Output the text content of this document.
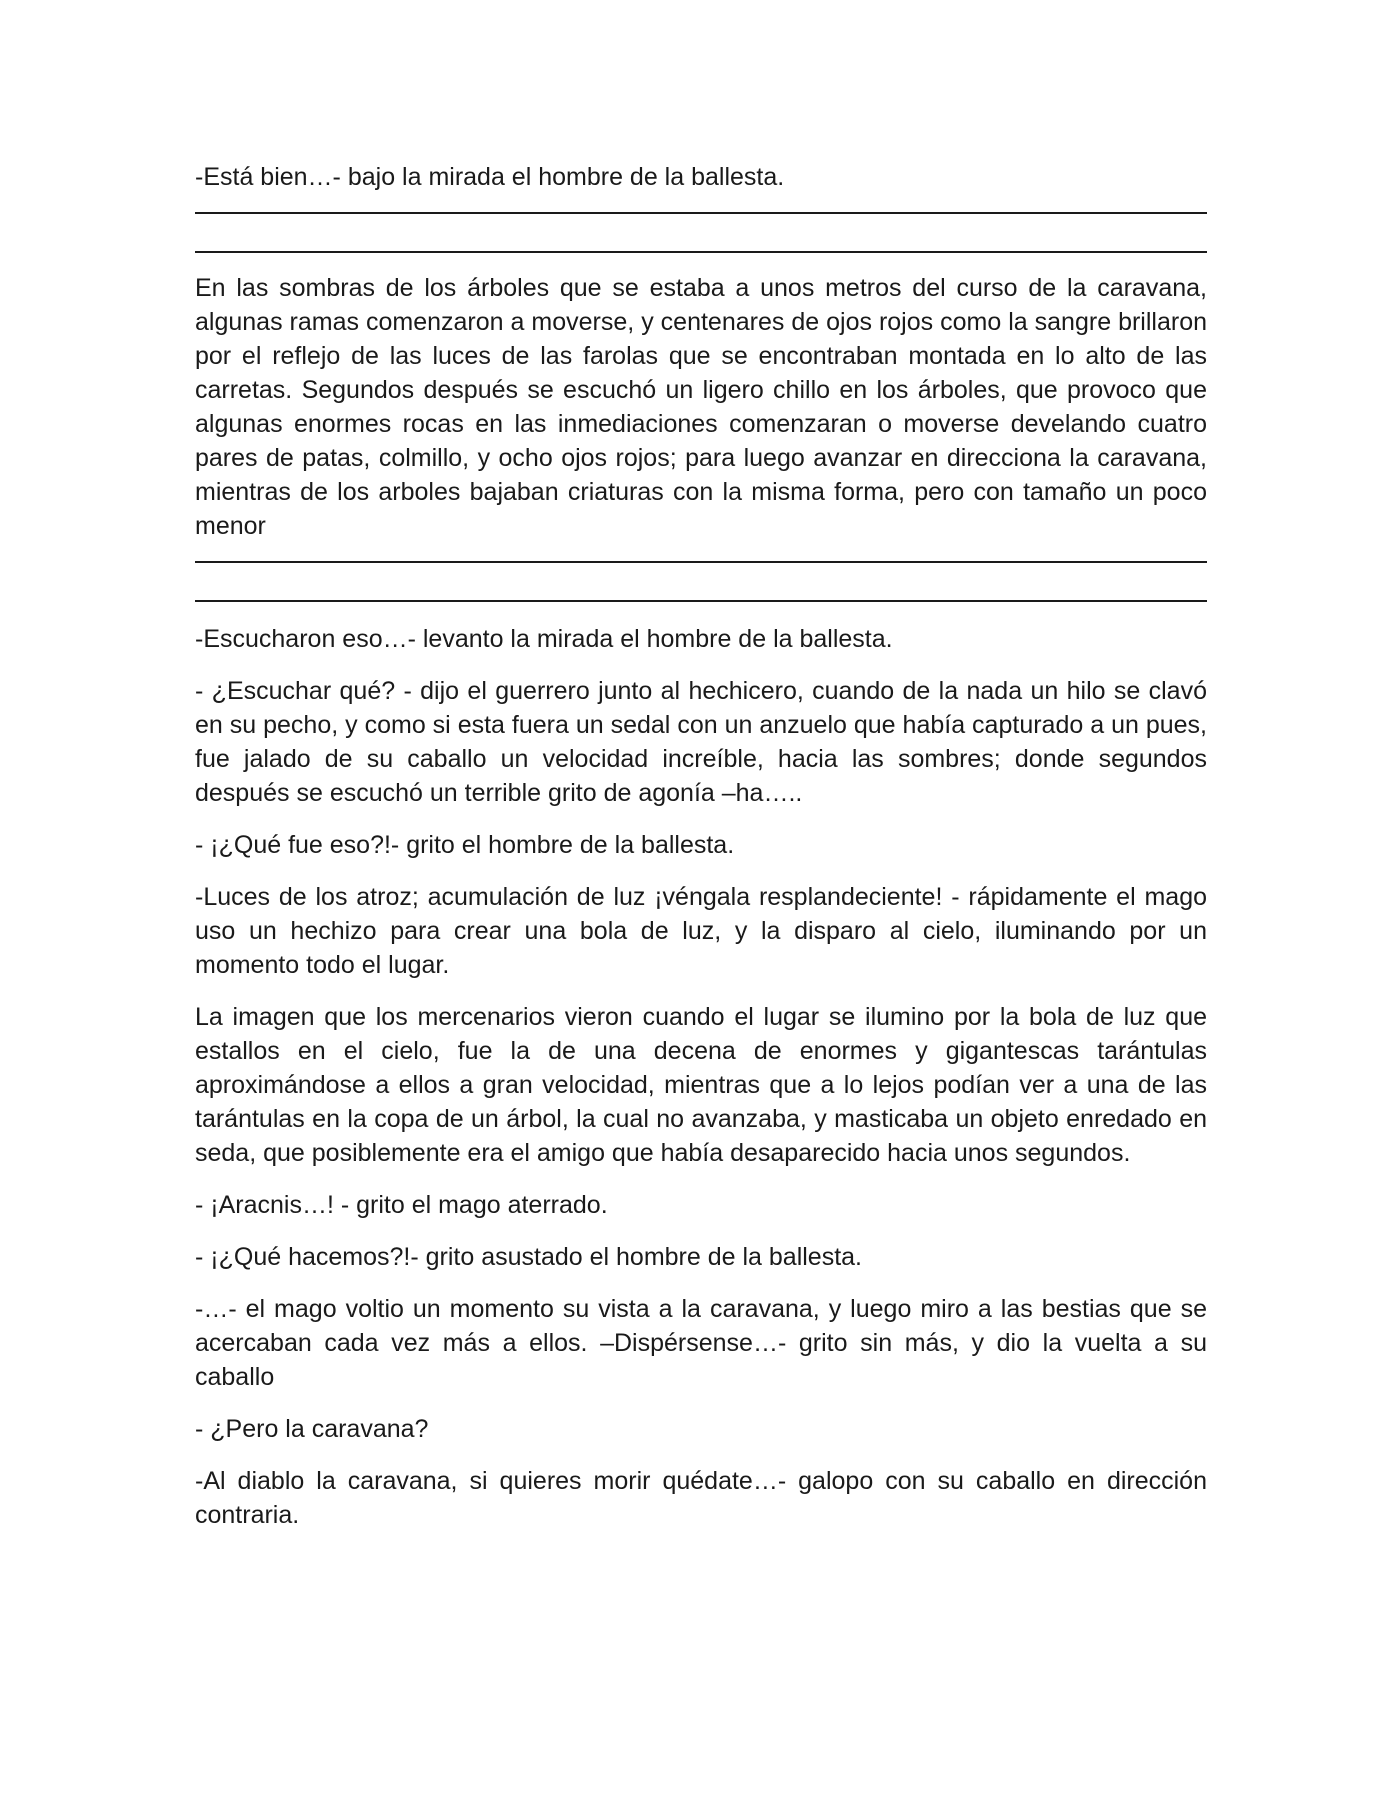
-Está bien…- bajo la mirada el hombre de la ballesta.

En las sombras de los árboles que se estaba a unos metros del curso de la caravana, algunas ramas comenzaron a moverse, y centenares de ojos rojos como la sangre brillaron por el reflejo de las luces de las farolas que se encontraban montada en lo alto de las carretas. Segundos después se escuchó un ligero chillo en los árboles, que provoco que algunas enormes rocas en las inmediaciones comenzaran o moverse develando cuatro pares de patas, colmillo, y ocho ojos rojos; para luego avanzar en direcciona la caravana, mientras de los arboles bajaban criaturas con la misma forma, pero con tamaño un poco menor

-Escucharon eso…- levanto la mirada el hombre de la ballesta.

- ¿Escuchar qué? - dijo el guerrero junto al hechicero, cuando de la nada un hilo se clavó en su pecho, y como si esta fuera un sedal con un anzuelo que había capturado a un pues, fue jalado de su caballo un velocidad increíble, hacia las sombres; donde segundos después se escuchó un terrible grito de agonía –ha…..

- ¡¿Qué fue eso?!- grito el hombre de la ballesta.

-Luces de los atroz; acumulación de luz ¡véngala resplandeciente! - rápidamente el mago uso un hechizo para crear una bola de luz, y la disparo al cielo, iluminando por un momento todo el lugar.

La imagen que los mercenarios vieron cuando el lugar se ilumino por la bola de luz que estallos en el cielo, fue la de una decena de enormes y gigantescas tarántulas aproximándose a ellos a gran velocidad, mientras que a lo lejos podían ver a una de las tarántulas en la copa de un árbol, la cual no avanzaba, y masticaba un objeto enredado en seda, que posiblemente era el amigo que había desaparecido hacia unos segundos.

- ¡Aracnis…! - grito el mago aterrado.

- ¡¿Qué hacemos?!- grito asustado el hombre de la ballesta.

-…- el mago voltio un momento su vista a la caravana, y luego miro a las bestias que se acercaban cada vez más a ellos. –Dispérsense…- grito sin más, y dio la vuelta a su caballo

- ¿Pero la caravana?

-Al diablo la caravana, si quieres morir quédate…- galopo con su caballo en dirección contraria.
